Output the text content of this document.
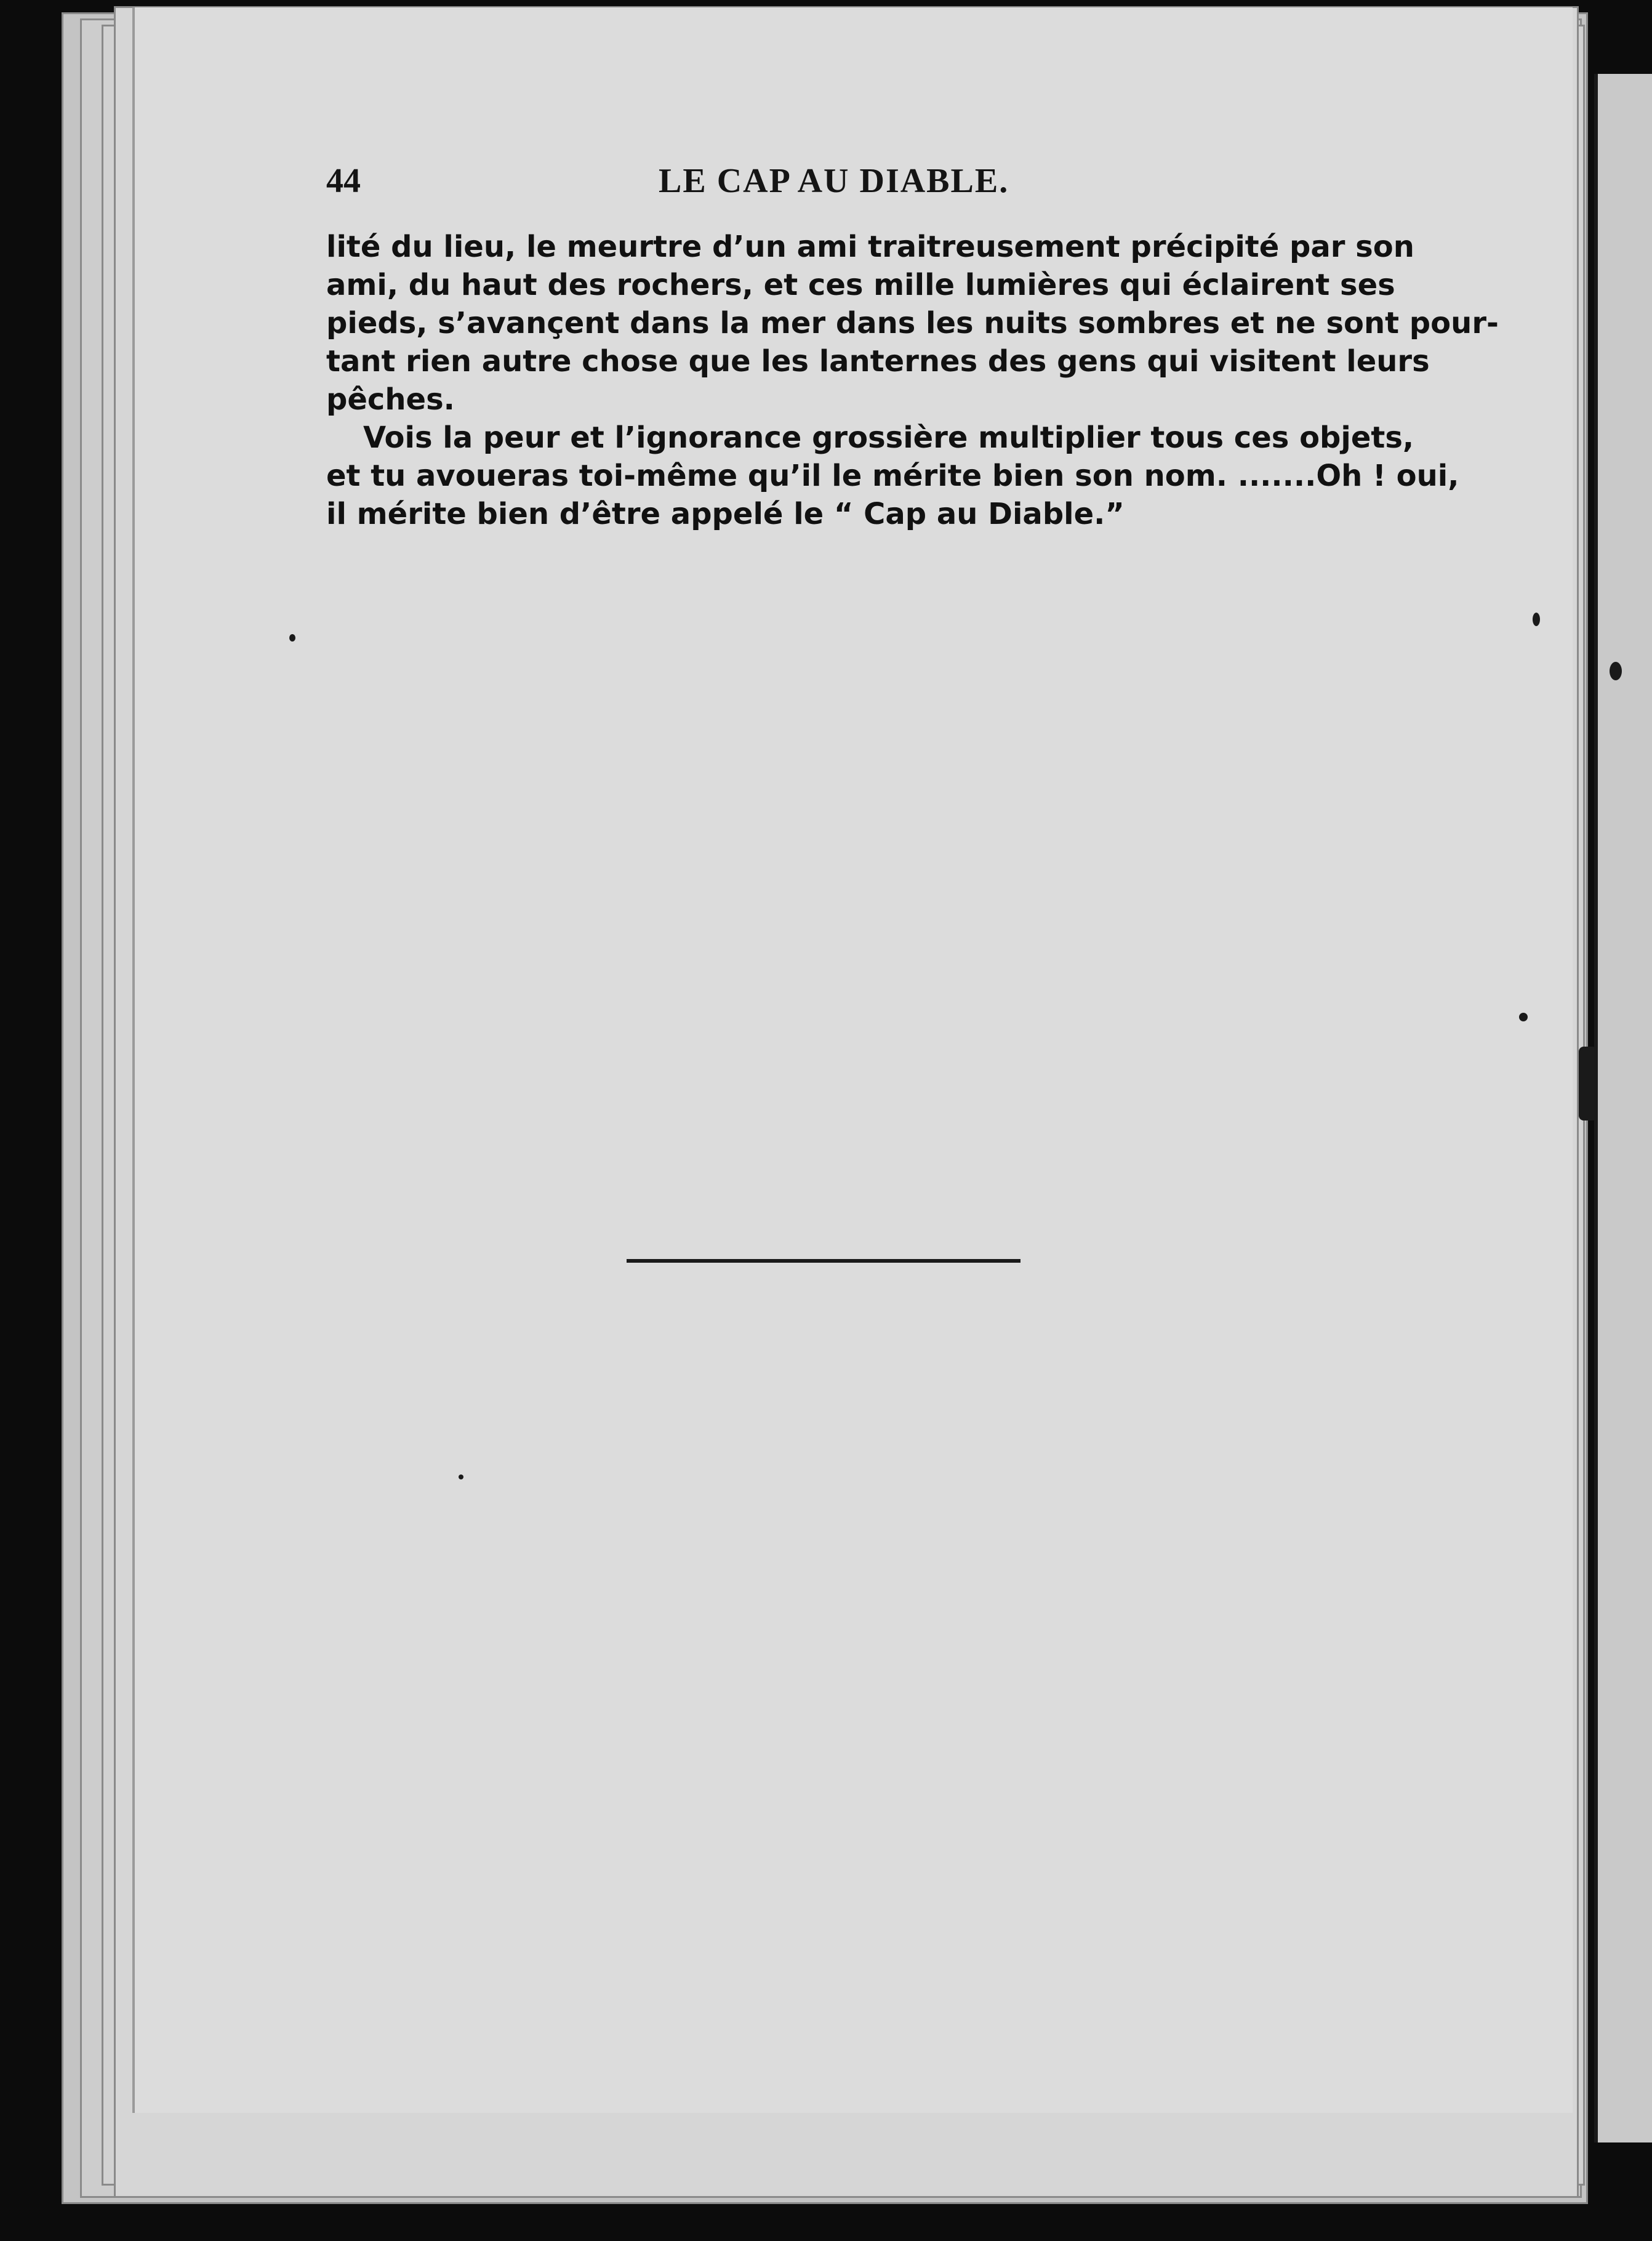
44	LE CAP AU DIABLE.
lité du lieu, le meurtre d’un ami traitreusement précipité par son
ami, du haut des rochers, et ces mille lumières qui éclairent ses
pieds, s’avançent dans la mer dans les nuits sombres et ne sont pour-
tant rien autre chose que les lanternes des gens qui visitent leurs
pêches.
Vois la peur et l’ignorance grossière multiplier tous ces objets,
et tu avoueras toi-même qu’il le mérite bien son nom. .......Oh ! oui,
il mérite bien d’être appelé le “ Cap au Diable.”
